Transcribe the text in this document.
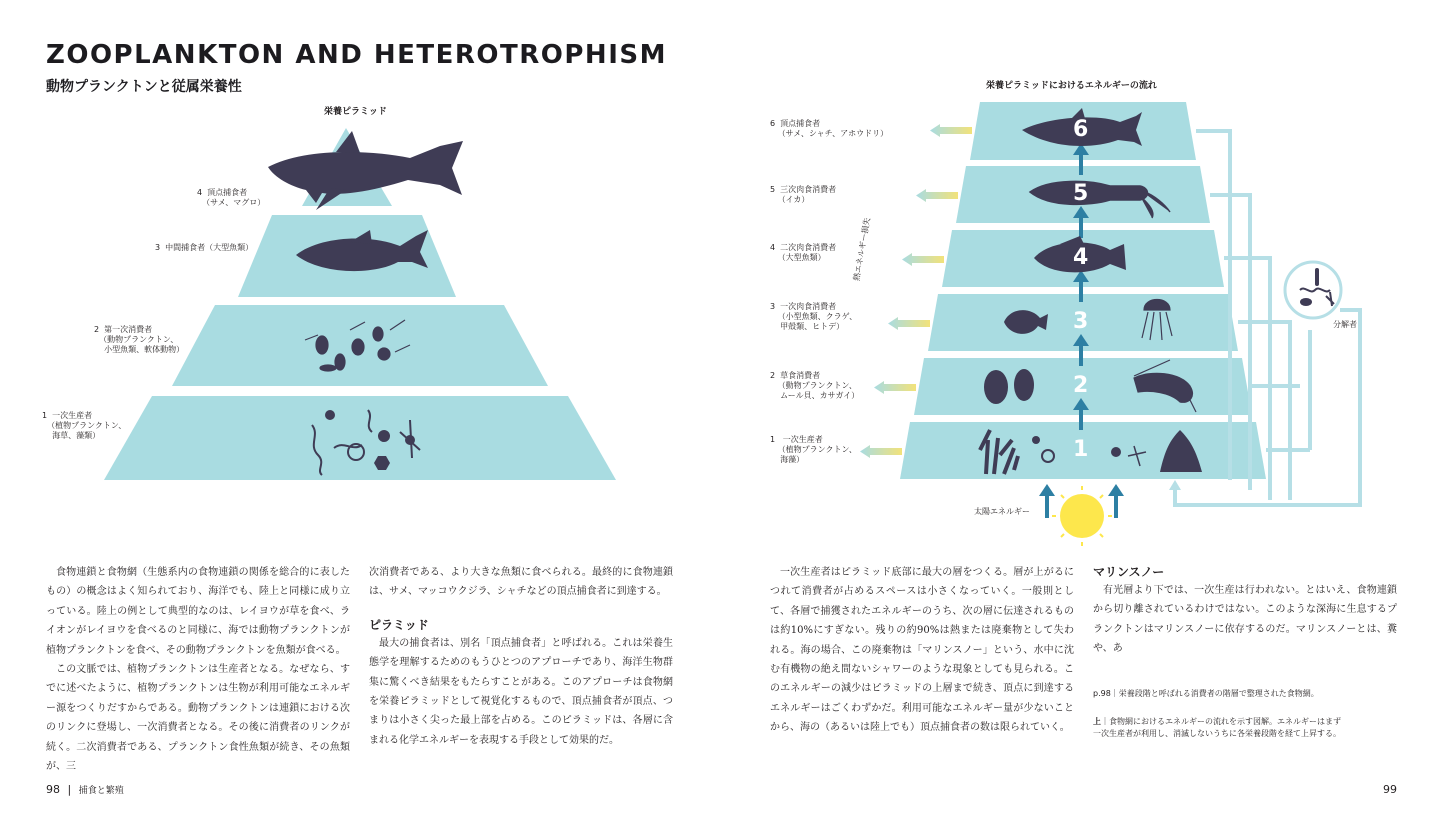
ZOOPLANKTON AND HETEROTROPHISM
動物プランクトンと従属栄養性
栄養ピラミッド
4  頂点捕食者
（サメ、マグロ）
3  中間捕食者（大型魚類）
2  第一次消費者
（動物プランクトン、
小型魚類、軟体動物）
1  一次生産者
（植物プランクトン、
海草、藻類）
栄養ピラミッドにおけるエネルギーの流れ
6
5
4
3
2
1
6  頂点捕食者
（サメ、シャチ、アホウドリ）
5  三次肉食消費者
（イカ）
4  二次肉食消費者
（大型魚類）
3  一次肉食消費者
（小型魚類、クラゲ、
甲殻類、ヒトデ）
2  草食消費者
（動物プランクトン、
ムール貝、カサガイ）
1   一次生産者
（植物プランクトン、
海藻）
熱エネルギー損失
分解者
太陽エネルギー

食物連鎖と食物網（生態系内の食物連鎖の関係を総合的に表したもの）の概念はよく知られており、海洋でも、陸上と同様に成り立っている。陸上の例として典型的なのは、レイヨウが草を食べ、ライオンがレイヨウを食べるのと同様に、海では動物プランクトンが植物プランクトンを食べ、その動物プランクトンを魚類が食べる。

この文脈では、植物プランクトンは生産者となる。なぜなら、すでに述べたように、植物プランクトンは生物が利用可能なエネルギー源をつくりだすからである。動物プランクトンは連鎖における次のリンクに登場し、一次消費者となる。その後に消費者のリンクが続く。二次消費者である、プランクトン食性魚類が続き、その魚類が、三

次消費者である、より大きな魚類に食べられる。最終的に食物連鎖は、サメ、マッコウクジラ、シャチなどの頂点捕食者に到達する。

ピラミッド

最大の捕食者は、別名「頂点捕食者」と呼ばれる。これは栄養生態学を理解するためのもうひとつのアプローチであり、海洋生物群集に驚くべき結果をもたらすことがある。このアプローチは食物網を栄養ピラミッドとして視覚化するもので、頂点捕食者が頂点、つまりは小さく尖った最上部を占める。このピラミッドは、各層に含まれる化学エネルギーを表現する手段として効果的だ。

一次生産者はピラミッド底部に最大の層をつくる。層が上がるにつれて消費者が占めるスペースは小さくなっていく。一般則として、各層で捕獲されたエネルギーのうち、次の層に伝達されるものは約10%にすぎない。残りの約90%は熱または廃棄物として失われる。海の場合、この廃棄物は「マリンスノー」という、水中に沈む有機物の絶え間ないシャワーのような現象としても見られる。このエネルギーの減少はピラミッドの上層まで続き、頂点に到達するエネルギーはごくわずかだ。利用可能なエネルギー量が少ないことから、海の（あるいは陸上でも）頂点捕食者の数は限られていく。

マリンスノー

有光層より下では、一次生産は行われない。とはいえ、食物連鎖から切り離されているわけではない。このような深海に生息するプランクトンはマリンスノーに依存するのだ。マリンスノーとは、糞や、あ

p.98｜栄養段階と呼ばれる消費者の階層で整理された食物網。
上｜食物網におけるエネルギーの流れを示す図解。エネルギーはまず一次生産者が利用し、消滅しないうちに各栄養段階を経て上昇する。
98 | 捕食と繁殖	99
